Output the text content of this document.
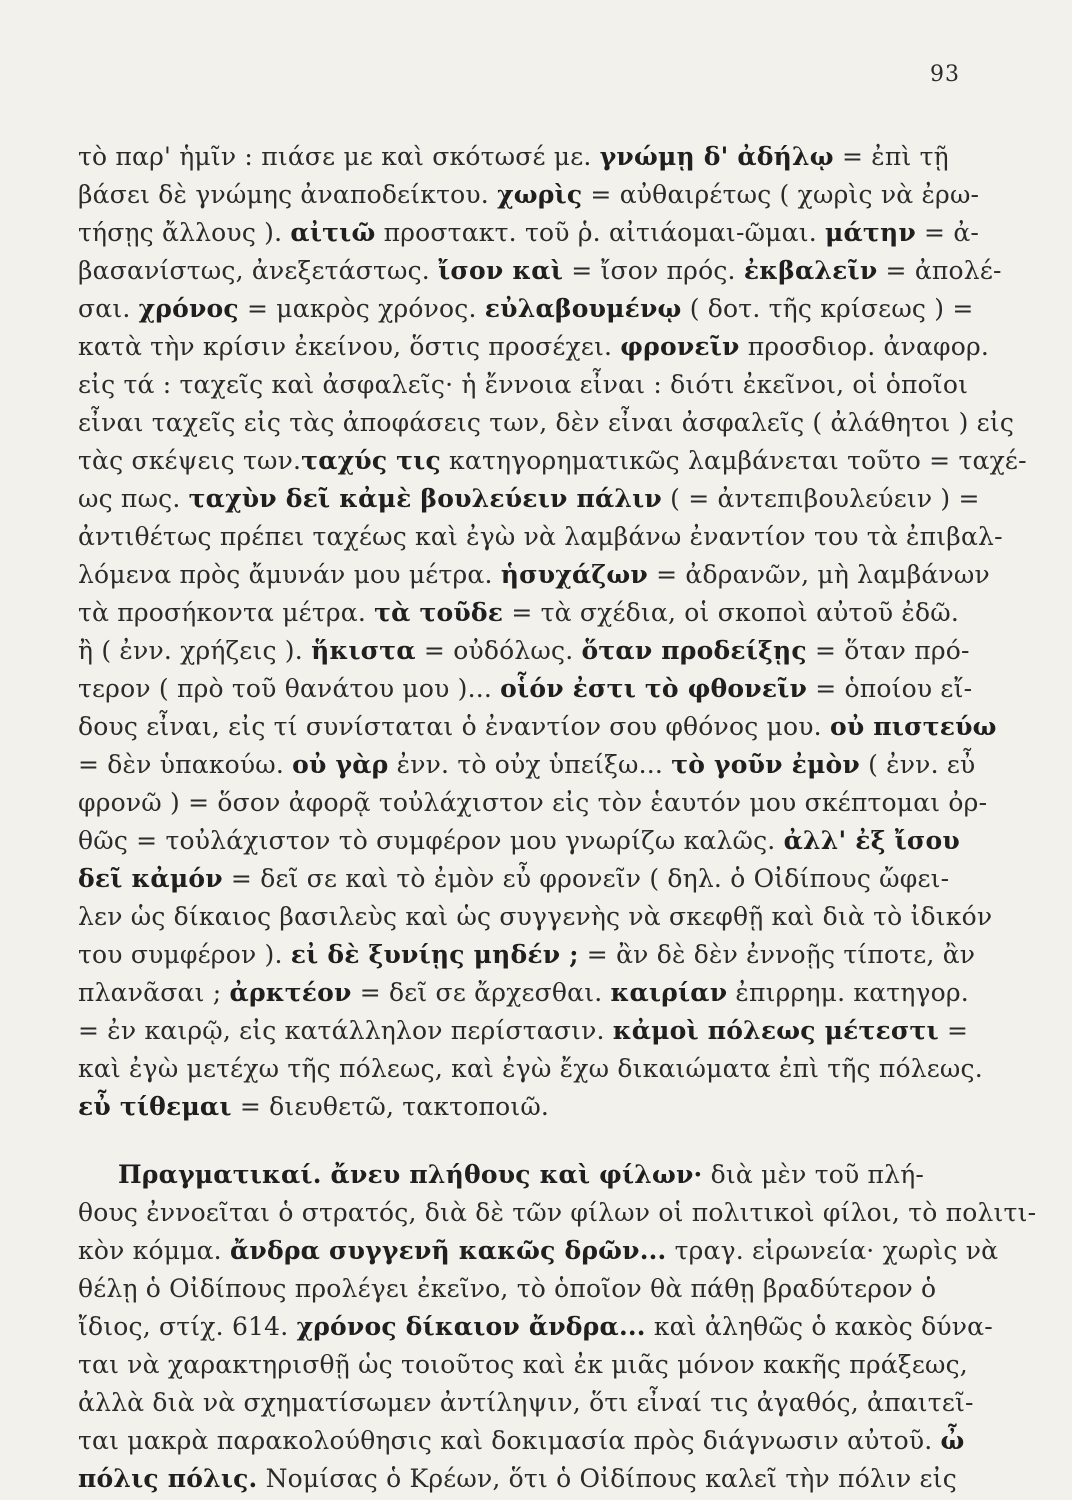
93
τὸ παρ' ἡμῖν : πιάσε με καὶ σκότωσέ με. γνώμῃ δ' ἀδήλῳ = ἐπὶ τῇ
βάσει δὲ γνώμης ἀναποδείκτου. χωρὶς = αὐθαιρέτως ( χωρὶς νὰ ἐρω-
τήσῃς ἄλλους ). αἰτιῶ προστακτ. τοῦ ῥ. αἰτιάομαι-ῶμαι. μάτην = ἀ-
βασανίστως, ἀνεξετάστως. ἴσον καὶ = ἴσον πρός. ἐκβαλεῖν = ἀπολέ-
σαι. χρόνος = μακρὸς χρόνος. εὐλαβουμένῳ ( δοτ. τῆς κρίσεως ) =
κατὰ τὴν κρίσιν ἐκείνου, ὅστις προσέχει. φρονεῖν προσδιορ. ἀναφορ.
εἰς τά : ταχεῖς καὶ ἀσφαλεῖς· ἡ ἔννοια εἶναι : διότι ἐκεῖνοι, οἱ ὁποῖοι
εἶναι ταχεῖς εἰς τὰς ἀποφάσεις των, δὲν εἶναι ἀσφαλεῖς ( ἀλάθητοι ) εἰς
τὰς σκέψεις των.ταχύς τις κατηγορηματικῶς λαμβάνεται τοῦτο = ταχέ-
ως πως. ταχὺν δεῖ κἀμὲ βουλεύειν πάλιν ( = ἀντεπιβουλεύειν ) =
ἀντιθέτως πρέπει ταχέως καὶ ἐγὼ νὰ λαμβάνω ἐναντίον του τὰ ἐπιβαλ-
λόμενα πρὸς ἄμυνάν μου μέτρα. ἡσυχάζων = ἀδρανῶν, μὴ λαμβάνων
τὰ προσήκοντα μέτρα. τὰ τοῦδε = τὰ σχέδια, οἱ σκοποὶ αὐτοῦ ἐδῶ.
ἢ ( ἐνν. χρήζεις ). ἥκιστα = οὐδόλως. ὅταν προδείξῃς = ὅταν πρό-
τερον ( πρὸ τοῦ θανάτου μου )... οἷόν ἐστι τὸ φθονεῖν = ὁποίου εἴ-
δους εἶναι, εἰς τί συνίσταται ὁ ἐναντίον σου φθόνος μου. οὐ πιστεύω
= δὲν ὑπακούω. οὐ γὰρ ἐνν. τὸ οὐχ ὑπείξω... τὸ γοῦν ἐμὸν ( ἐνν. εὖ
φρονῶ ) = ὅσον ἀφορᾷ τοὐλάχιστον εἰς τὸν ἑαυτόν μου σκέπτομαι ὀρ-
θῶς = τοὐλάχιστον τὸ συμφέρον μου γνωρίζω καλῶς. ἀλλ' ἐξ ἴσου
δεῖ κἀμόν = δεῖ σε καὶ τὸ ἐμὸν εὖ φρονεῖν ( δηλ. ὁ Οἰδίπους ὤφει-
λεν ὡς δίκαιος βασιλεὺς καὶ ὡς συγγενὴς νὰ σκεφθῇ καὶ διὰ τὸ ἰδικόν
του συμφέρον ). εἰ δὲ ξυνίῃς μηδέν ; = ἂν δὲ δὲν ἐννοῇς τίποτε, ἂν
πλανᾶσαι ; ἀρκτέον = δεῖ σε ἄρχεσθαι. καιρίαν ἐπιρρημ. κατηγορ.
= ἐν καιρῷ, εἰς κατάλληλον περίστασιν. κἀμοὶ πόλεως μέτεστι =
καὶ ἐγὼ μετέχω τῆς πόλεως, καὶ ἐγὼ ἔχω δικαιώματα ἐπὶ τῆς πόλεως.
εὖ τίθεμαι = διευθετῶ, τακτοποιῶ.
Πραγματικαί. ἄνευ πλήθους καὶ φίλων· διὰ μὲν τοῦ πλή-
θους ἐννοεῖται ὁ στρατός, διὰ δὲ τῶν φίλων οἱ πολιτικοὶ φίλοι, τὸ πολιτι-
κὸν κόμμα. ἄνδρα συγγενῆ κακῶς δρῶν... τραγ. εἰρωνεία· χωρὶς νὰ
θέλῃ ὁ Οἰδίπους προλέγει ἐκεῖνο, τὸ ὁποῖον θὰ πάθῃ βραδύτερον ὁ
ἴδιος, στίχ. 614. χρόνος δίκαιον ἄνδρα... καὶ ἀληθῶς ὁ κακὸς δύνα-
ται νὰ χαρακτηρισθῇ ὡς τοιοῦτος καὶ ἐκ μιᾶς μόνον κακῆς πράξεως,
ἀλλὰ διὰ νὰ σχηματίσωμεν ἀντίληψιν, ὅτι εἶναί τις ἀγαθός, ἀπαιτεῖ-
ται μακρὰ παρακολούθησις καὶ δοκιμασία πρὸς διάγνωσιν αὐτοῦ. ὦ
πόλις πόλις. Νομίσας ὁ Κρέων, ὅτι ὁ Οἰδίπους καλεῖ τὴν πόλιν εἰς
